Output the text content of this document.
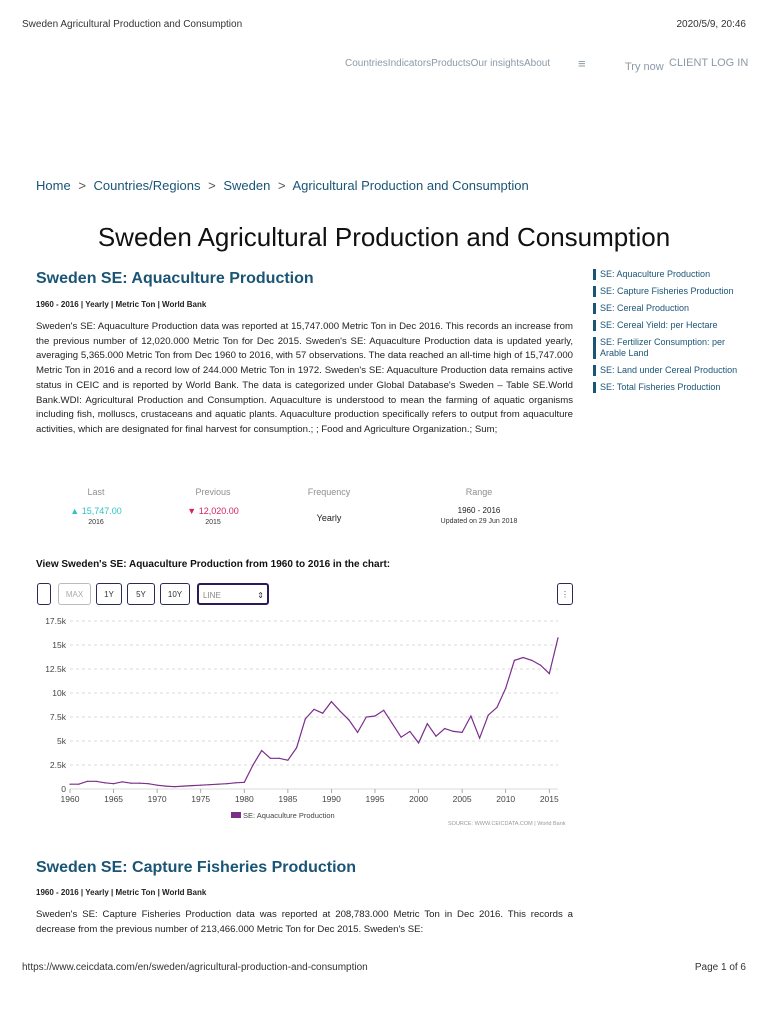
Sweden Agricultural Production and Consumption	2020/5/9, 20:46
CountriesIndicatorsProductsOur insightsAbout ≡	Try now CLIENT LOG IN
Home > Countries/Regions > Sweden > Agricultural Production and Consumption
Sweden Agricultural Production and Consumption
Sweden SE: Aquaculture Production
1960 - 2016 | Yearly | Metric Ton | World Bank
Sweden's SE: Aquaculture Production data was reported at 15,747.000 Metric Ton in Dec 2016. This records an increase from the previous number of 12,020.000 Metric Ton for Dec 2015. Sweden's SE: Aquaculture Production data is updated yearly, averaging 5,365.000 Metric Ton from Dec 1960 to 2016, with 57 observations. The data reached an all-time high of 15,747.000 Metric Ton in 2016 and a record low of 244.000 Metric Ton in 1972. Sweden's SE: Aquaculture Production data remains active status in CEIC and is reported by World Bank. The data is categorized under Global Database's Sweden – Table SE.World Bank.WDI: Agricultural Production and Consumption. Aquaculture is understood to mean the farming of aquatic organisms including fish, molluscs, crustaceans and aquatic plants. Aquaculture production specifically refers to output from aquaculture activities, which are designated for final harvest for consumption.; ; Food and Agriculture Organization.; Sum;
SE: Aquaculture Production
SE: Capture Fisheries Production
SE: Cereal Production
SE: Cereal Yield: per Hectare
SE: Fertilizer Consumption: per Arable Land
SE: Land under Cereal Production
SE: Total Fisheries Production
Last
▲ 15,747.00
2016
Previous
▼ 12,020.00
2015
Frequency
Yearly
Range
1960 - 2016
Updated on 29 Jun 2018
View Sweden's SE: Aquaculture Production from 1960 to 2016 in the chart:
MAX	1Y	5Y	10Y	LINE	⇕	⋮
0
2.5k
5k
7.5k
10k
12.5k
15k
17.5k
1960	1965	1970	1975	1980	1985	1990	1995	2000	2005	2010	2015
SE: Aquaculture Production
SOURCE: WWW.CEICDATA.COM | World Bank
Sweden SE: Capture Fisheries Production
1960 - 2016 | Yearly | Metric Ton | World Bank
Sweden's SE: Capture Fisheries Production data was reported at 208,783.000 Metric Ton in Dec 2016. This records a decrease from the previous number of 213,466.000 Metric Ton for Dec 2015. Sweden's SE:
https://www.ceicdata.com/en/sweden/agricultural-production-and-consumption	Page 1 of 6
